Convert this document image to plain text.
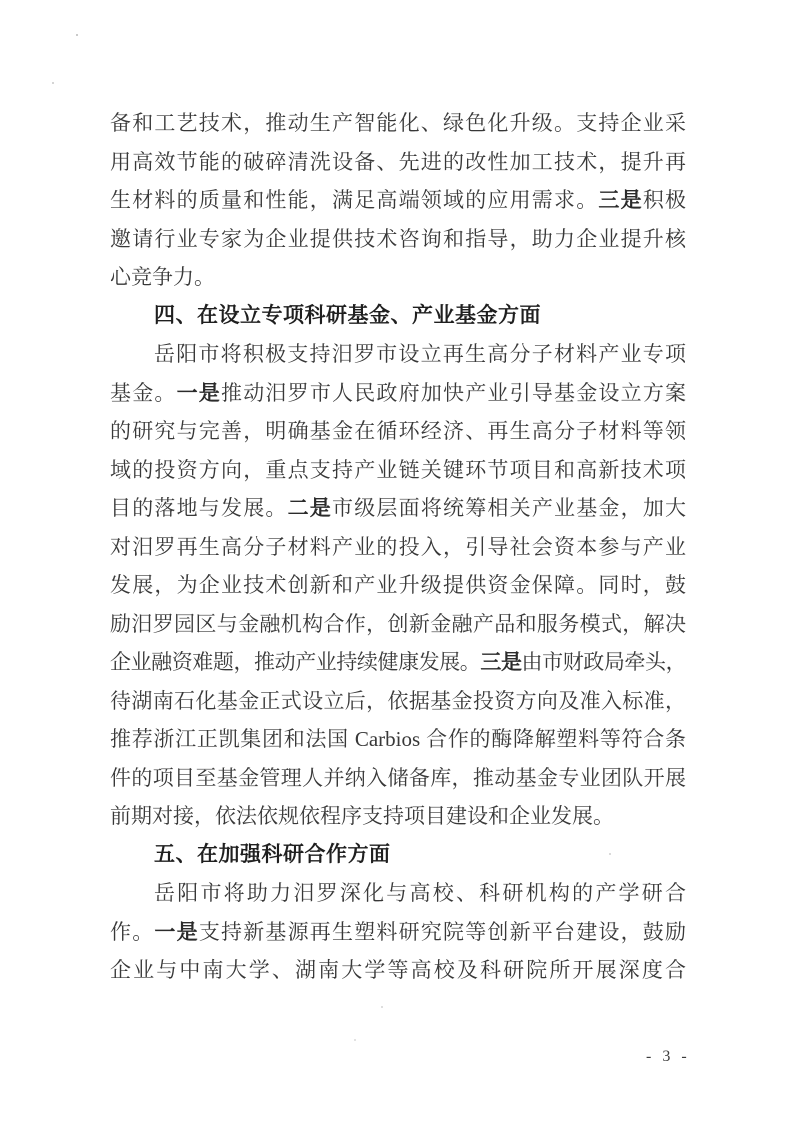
备和工艺技术，推动生产智能化、绿色化升级。支持企业采
用高效节能的破碎清洗设备、先进的改性加工技术，提升再
生材料的质量和性能，满足高端领域的应用需求。三是积极
邀请行业专家为企业提供技术咨询和指导，助力企业提升核
心竞争力。
四、在设立专项科研基金、产业基金方面
岳阳市将积极支持汨罗市设立再生高分子材料产业专项
基金。一是推动汨罗市人民政府加快产业引导基金设立方案
的研究与完善，明确基金在循环经济、再生高分子材料等领
域的投资方向，重点支持产业链关键环节项目和高新技术项
目的落地与发展。二是市级层面将统筹相关产业基金，加大
对汨罗再生高分子材料产业的投入，引导社会资本参与产业
发展，为企业技术创新和产业升级提供资金保障。同时，鼓
励汨罗园区与金融机构合作，创新金融产品和服务模式，解决
企业融资难题，推动产业持续健康发展。三是由市财政局牵头，
待湖南石化基金正式设立后，依据基金投资方向及准入标准，
推荐浙江正凯集团和法国 Carbios 合作的酶降解塑料等符合条
件的项目至基金管理人并纳入储备库，推动基金专业团队开展
前期对接，依法依规依程序支持项目建设和企业发展。
五、在加强科研合作方面
岳阳市将助力汨罗深化与高校、科研机构的产学研合
作。一是支持新基源再生塑料研究院等创新平台建设，鼓励
企业与中南大学、湖南大学等高校及科研院所开展深度合
- 3 -
